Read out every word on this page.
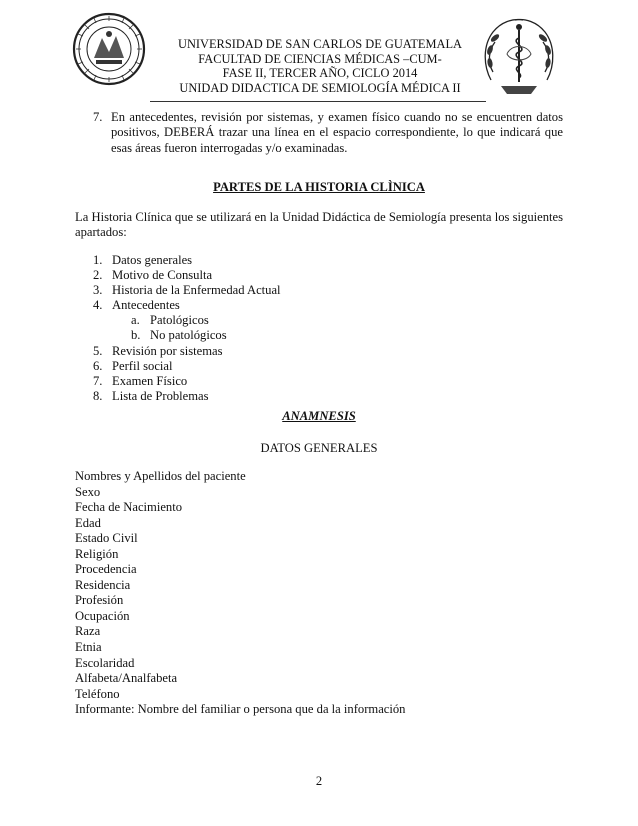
UNIVERSIDAD DE SAN CARLOS DE GUATEMALA
FACULTAD DE CIENCIAS MÉDICAS –CUM-
FASE II, TERCER AÑO, CICLO 2014
UNIDAD DIDACTICA DE SEMIOLOGÍA MÉDICA II
7. En antecedentes, revisión por sistemas, y examen físico cuando no se encuentren datos positivos, DEBERÁ trazar una línea en el espacio correspondiente, lo que indicará que esas áreas fueron interrogadas y/o examinadas.
PARTES DE LA HISTORIA CLÌNICA
La Historia Clínica que se utilizará en la Unidad Didáctica de Semiología presenta los siguientes apartados:
1. Datos generales
2. Motivo de Consulta
3. Historia de la Enfermedad Actual
4. Antecedentes
a. Patológicos
b. No patológicos
5. Revisión por sistemas
6. Perfil social
7. Examen Físico
8. Lista de Problemas
ANAMNESIS
DATOS GENERALES
Nombres y Apellidos del paciente
Sexo
Fecha de Nacimiento
Edad
Estado Civil
Religión
Procedencia
Residencia
Profesión
Ocupación
Raza
Etnia
Escolaridad
Alfabeta/Analfabeta
Teléfono
Informante: Nombre del familiar o persona que da la información
2
